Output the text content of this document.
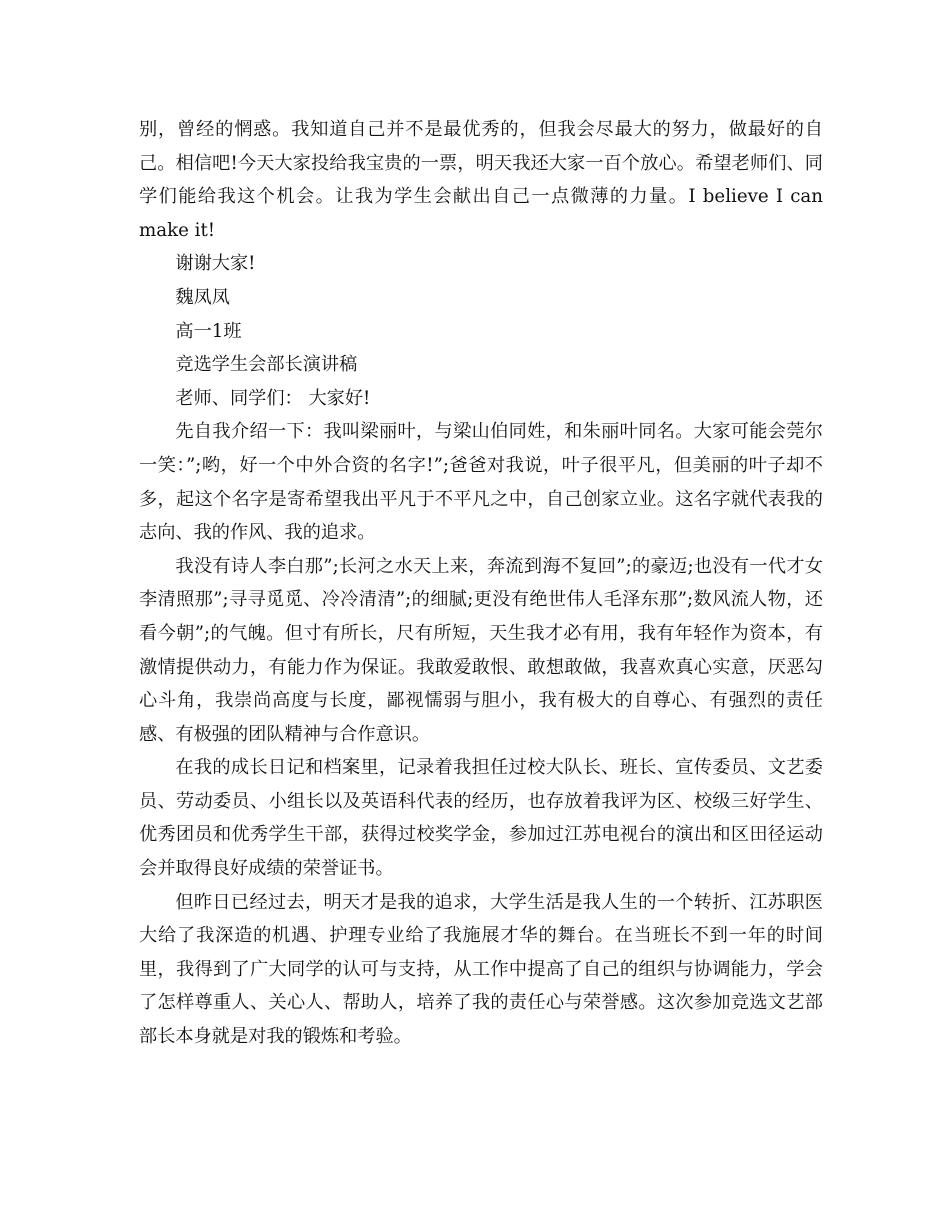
别，曾经的惘惑。我知道自己并不是最优秀的，但我会尽最大的努力，做最好的自己。相信吧!今天大家投给我宝贵的一票，明天我还大家一百个放心。希望老师们、同学们能给我这个机会。让我为学生会献出自己一点微薄的力量。I believe I can make it!

谢谢大家!

魏凤凤

高一1班

竞选学生会部长演讲稿

老师、同学们： 大家好!

先自我介绍一下：我叫梁丽叶，与梁山伯同姓，和朱丽叶同名。大家可能会莞尔一笑：”;哟，好一个中外合资的名字!”;爸爸对我说，叶子很平凡，但美丽的叶子却不多，起这个名字是寄希望我出平凡于不平凡之中，自己创家立业。这名字就代表我的志向、我的作风、我的追求。

我没有诗人李白那”;长河之水天上来，奔流到海不复回”;的豪迈;也没有一代才女李清照那”;寻寻觅觅、冷冷清清”;的细腻;更没有绝世伟人毛泽东那”;数风流人物，还看今朝”;的气魄。但寸有所长，尺有所短，天生我才必有用，我有年轻作为资本，有激情提供动力，有能力作为保证。我敢爱敢恨、敢想敢做，我喜欢真心实意，厌恶勾心斗角，我崇尚高度与长度，鄙视懦弱与胆小，我有极大的自尊心、有强烈的责任感、有极强的团队精神与合作意识。

在我的成长日记和档案里，记录着我担任过校大队长、班长、宣传委员、文艺委员、劳动委员、小组长以及英语科代表的经历，也存放着我评为区、校级三好学生、优秀团员和优秀学生干部，获得过校奖学金，参加过江苏电视台的演出和区田径运动会并取得良好成绩的荣誉证书。

但昨日已经过去，明天才是我的追求，大学生活是我人生的一个转折、江苏职医大给了我深造的机遇、护理专业给了我施展才华的舞台。在当班长不到一年的时间里，我得到了广大同学的认可与支持，从工作中提高了自己的组织与协调能力，学会了怎样尊重人、关心人、帮助人，培养了我的责任心与荣誉感。这次参加竞选文艺部部长本身就是对我的锻炼和考验。
